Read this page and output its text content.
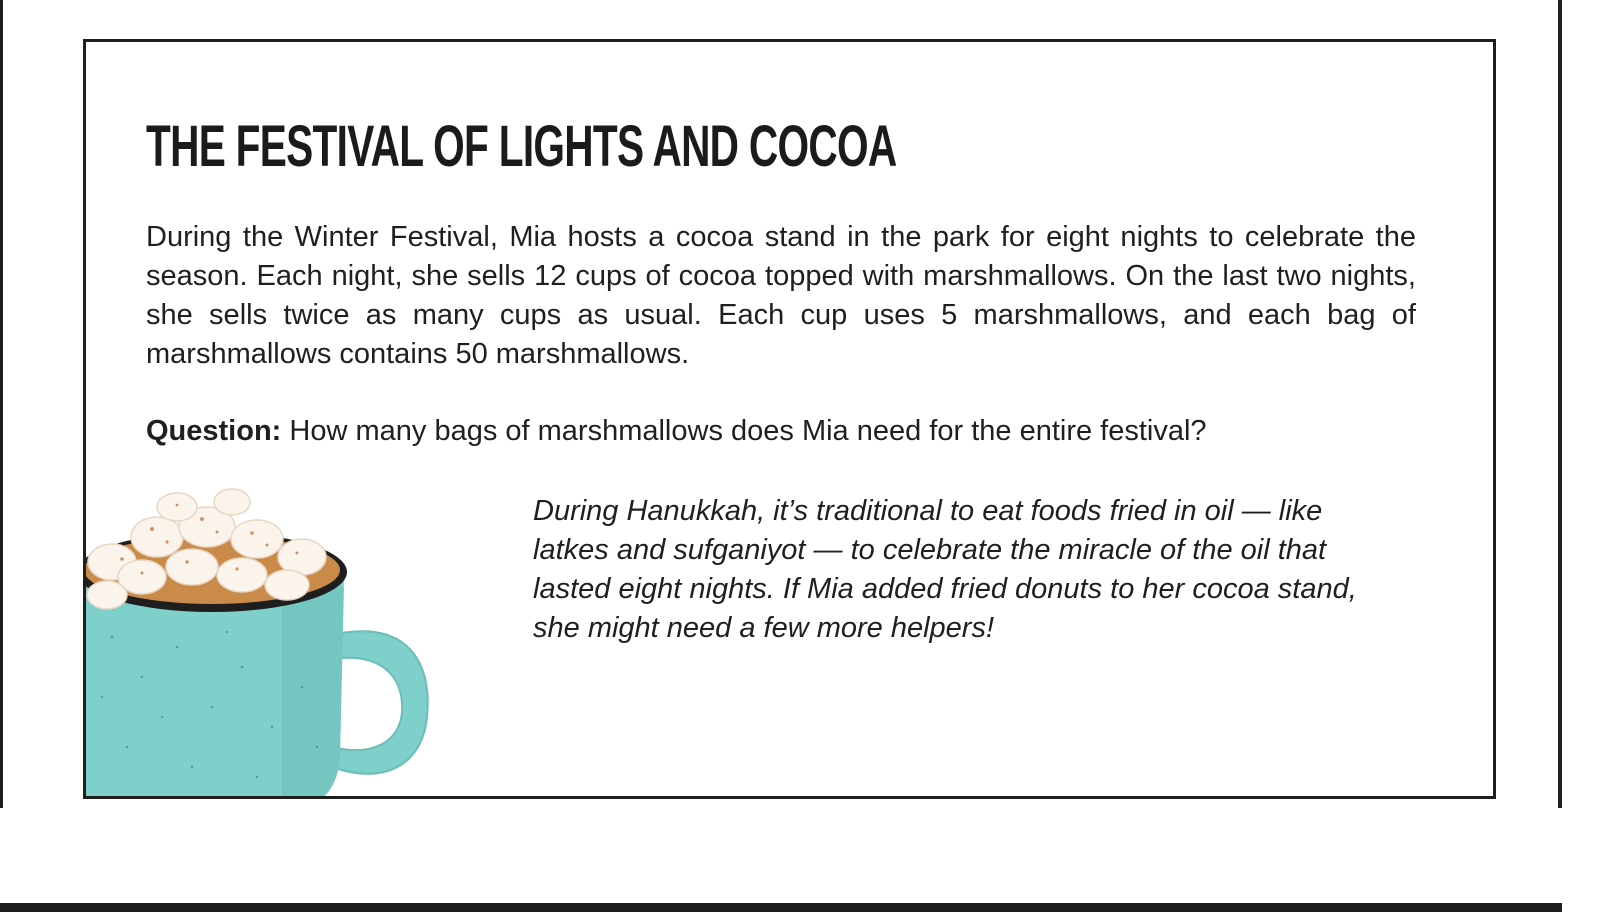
THE FESTIVAL OF LIGHTS AND COCOA

During the Winter Festival, Mia hosts a cocoa stand in the park for eight nights to celebrate the season. Each night, she sells 12 cups of cocoa topped with marshmallows. On the last two nights, she sells twice as many cups as usual. Each cup uses 5 marshmallows, and each bag of marshmallows contains 50 marshmallows.

Question: How many bags of marshmallows does Mia need for the entire festival?

During Hanukkah, it’s traditional to eat foods fried in oil — like latkes and sufganiyot — to celebrate the miracle of the oil that lasted eight nights. If Mia added fried donuts to her cocoa stand, she might need a few more helpers!
